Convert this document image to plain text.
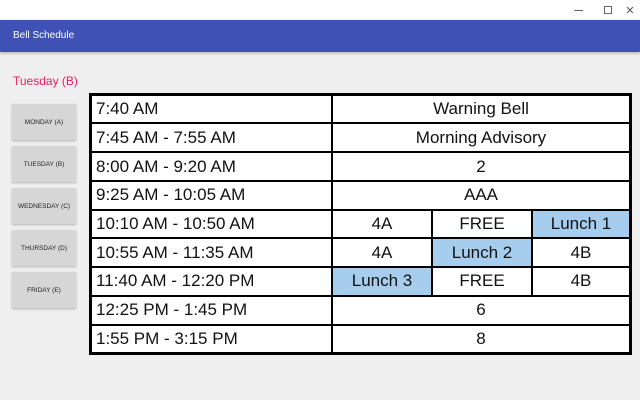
✕
Bell Schedule
Tuesday (B)
MONDAY (A)
TUESDAY (B)
WEDNESDAY (C)
THURSDAY (D)
FRIDAY (E)
7:40 AM	Warning Bell		
7:45 AM - 7:55 AM	Morning Advisory		
8:00 AM - 9:20 AM	2		
9:25 AM - 10:05 AM	AAA		
10:10 AM - 10:50 AM	4A	FREE	Lunch 1
10:55 AM - 11:35 AM	4A	Lunch 2	4B
11:40 AM - 12:20 PM	Lunch 3	FREE	4B
12:25 PM - 1:45 PM	6		
1:55 PM - 3:15 PM	8		
